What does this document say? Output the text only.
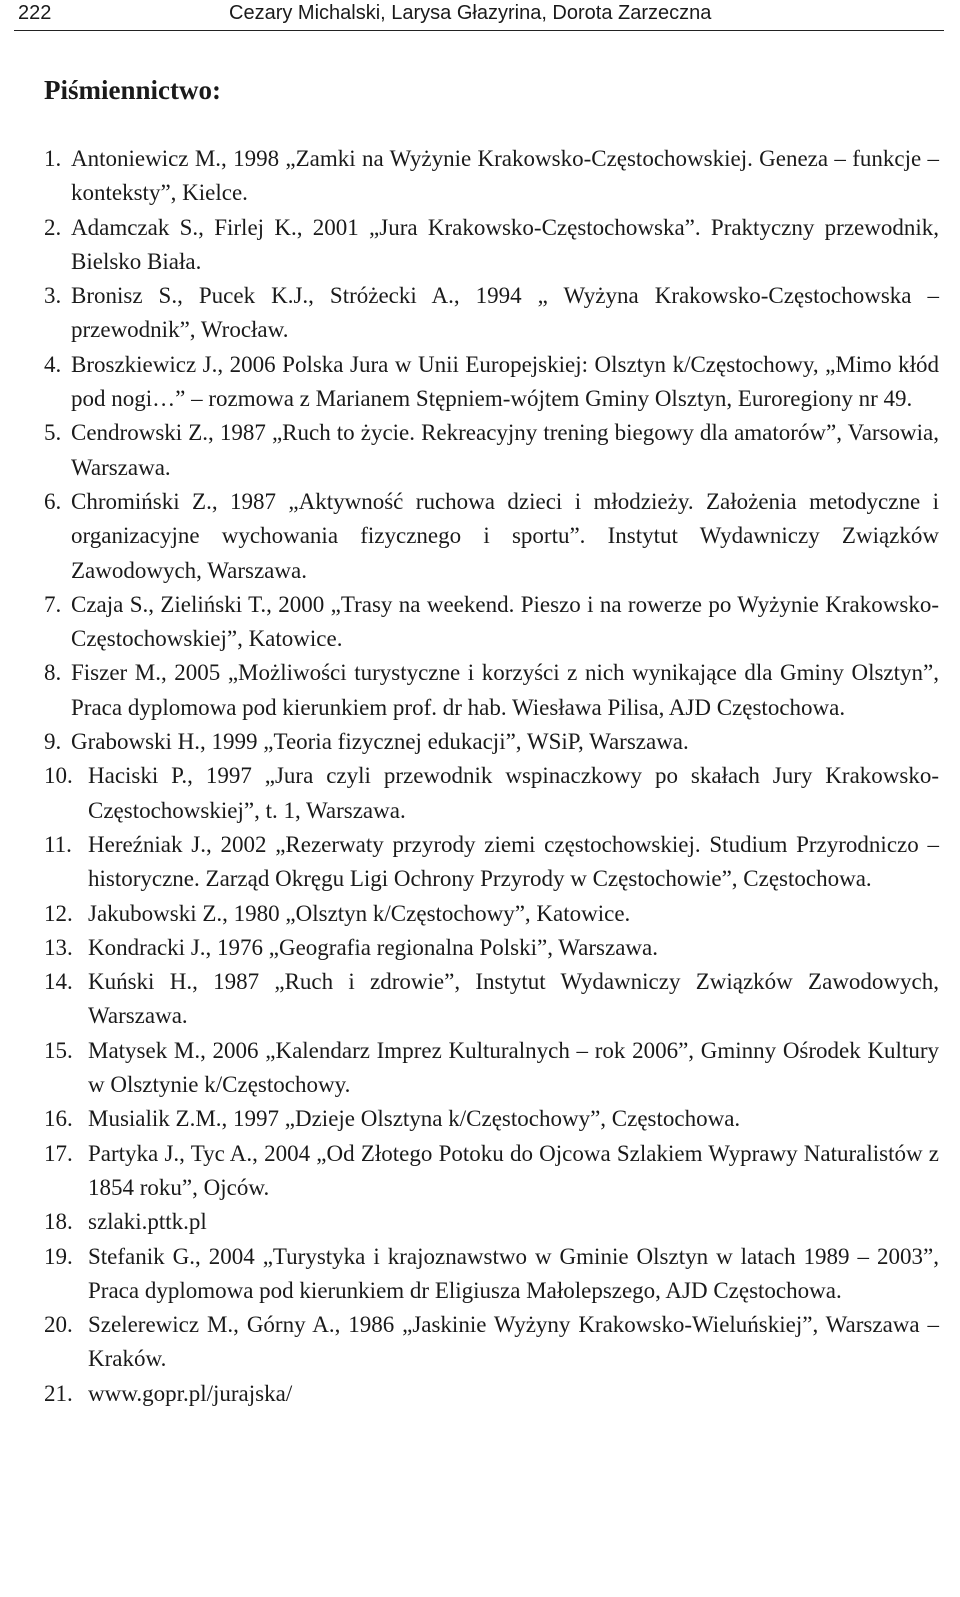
222	Cezary Michalski, Larysa Głazyrina, Dorota Zarzeczna
Piśmiennictwo:

1. Antoniewicz M., 1998 „Zamki na Wyżynie Krakowsko-Częstochowskiej. Geneza – funkcje – konteksty”, Kielce.

2. Adamczak S., Firlej K., 2001 „Jura Krakowsko-Częstochowska”. Praktyczny przewodnik, Bielsko Biała.

3. Bronisz S., Pucek K.J., Stróżecki A., 1994 „ Wyżyna Krakowsko-Częstochowska – przewodnik”, Wrocław.

4. Broszkiewicz J., 2006 Polska Jura w Unii Europejskiej: Olsztyn k/Częstochowy, „Mimo kłód pod nogi…” – rozmowa z Marianem Stępniem-wójtem Gminy Olsztyn, Euroregiony nr 49.

5. Cendrowski Z., 1987 „Ruch to życie. Rekreacyjny trening biegowy dla amatorów”, Varsowia, Warszawa.

6. Chromiński Z., 1987 „Aktywność ruchowa dzieci i młodzieży. Założenia metodyczne i organizacyjne wychowania fizycznego i sportu”. Instytut Wydawniczy Związków Zawodowych, Warszawa.

7. Czaja S., Zieliński T., 2000 „Trasy na weekend. Pieszo i na rowerze po Wyżynie Krakowsko-Częstochowskiej”, Katowice.

8. Fiszer M., 2005 „Możliwości turystyczne i korzyści z nich wynikające dla Gminy Olsztyn”, Praca dyplomowa pod kierunkiem prof. dr hab. Wiesława Pilisa, AJD Częstochowa.

9. Grabowski H., 1999 „Teoria fizycznej edukacji”, WSiP, Warszawa.

10. Haciski P., 1997 „Jura czyli przewodnik wspinaczkowy po skałach Jury Krakowsko-Częstochowskiej”, t. 1, Warszawa.

11. Hereźniak J., 2002 „Rezerwaty przyrody ziemi częstochowskiej. Studium Przyrodniczo – historyczne. Zarząd Okręgu Ligi Ochrony Przyrody w Częstochowie”, Częstochowa.

12. Jakubowski Z., 1980 „Olsztyn k/Częstochowy”, Katowice.

13. Kondracki J., 1976 „Geografia regionalna Polski”, Warszawa.

14. Kuński H., 1987 „Ruch i zdrowie”, Instytut Wydawniczy Związków Zawodowych, Warszawa.

15. Matysek M., 2006 „Kalendarz Imprez Kulturalnych – rok 2006”, Gminny Ośrodek Kultury w Olsztynie k/Częstochowy.

16. Musialik Z.M., 1997 „Dzieje Olsztyna k/Częstochowy”, Częstochowa.

17. Partyka J., Tyc A., 2004 „Od Złotego Potoku do Ojcowa Szlakiem Wyprawy Naturalistów z 1854 roku”, Ojców.

18. szlaki.pttk.pl

19. Stefanik G., 2004 „Turystyka i krajoznawstwo w Gminie Olsztyn w latach 1989 – 2003”, Praca dyplomowa pod kierunkiem dr Eligiusza Małolepszego, AJD Częstochowa.

20. Szelerewicz M., Górny A., 1986 „Jaskinie Wyżyny Krakowsko-Wieluńskiej”, Warszawa – Kraków.

21. www.gopr.pl/jurajska/
